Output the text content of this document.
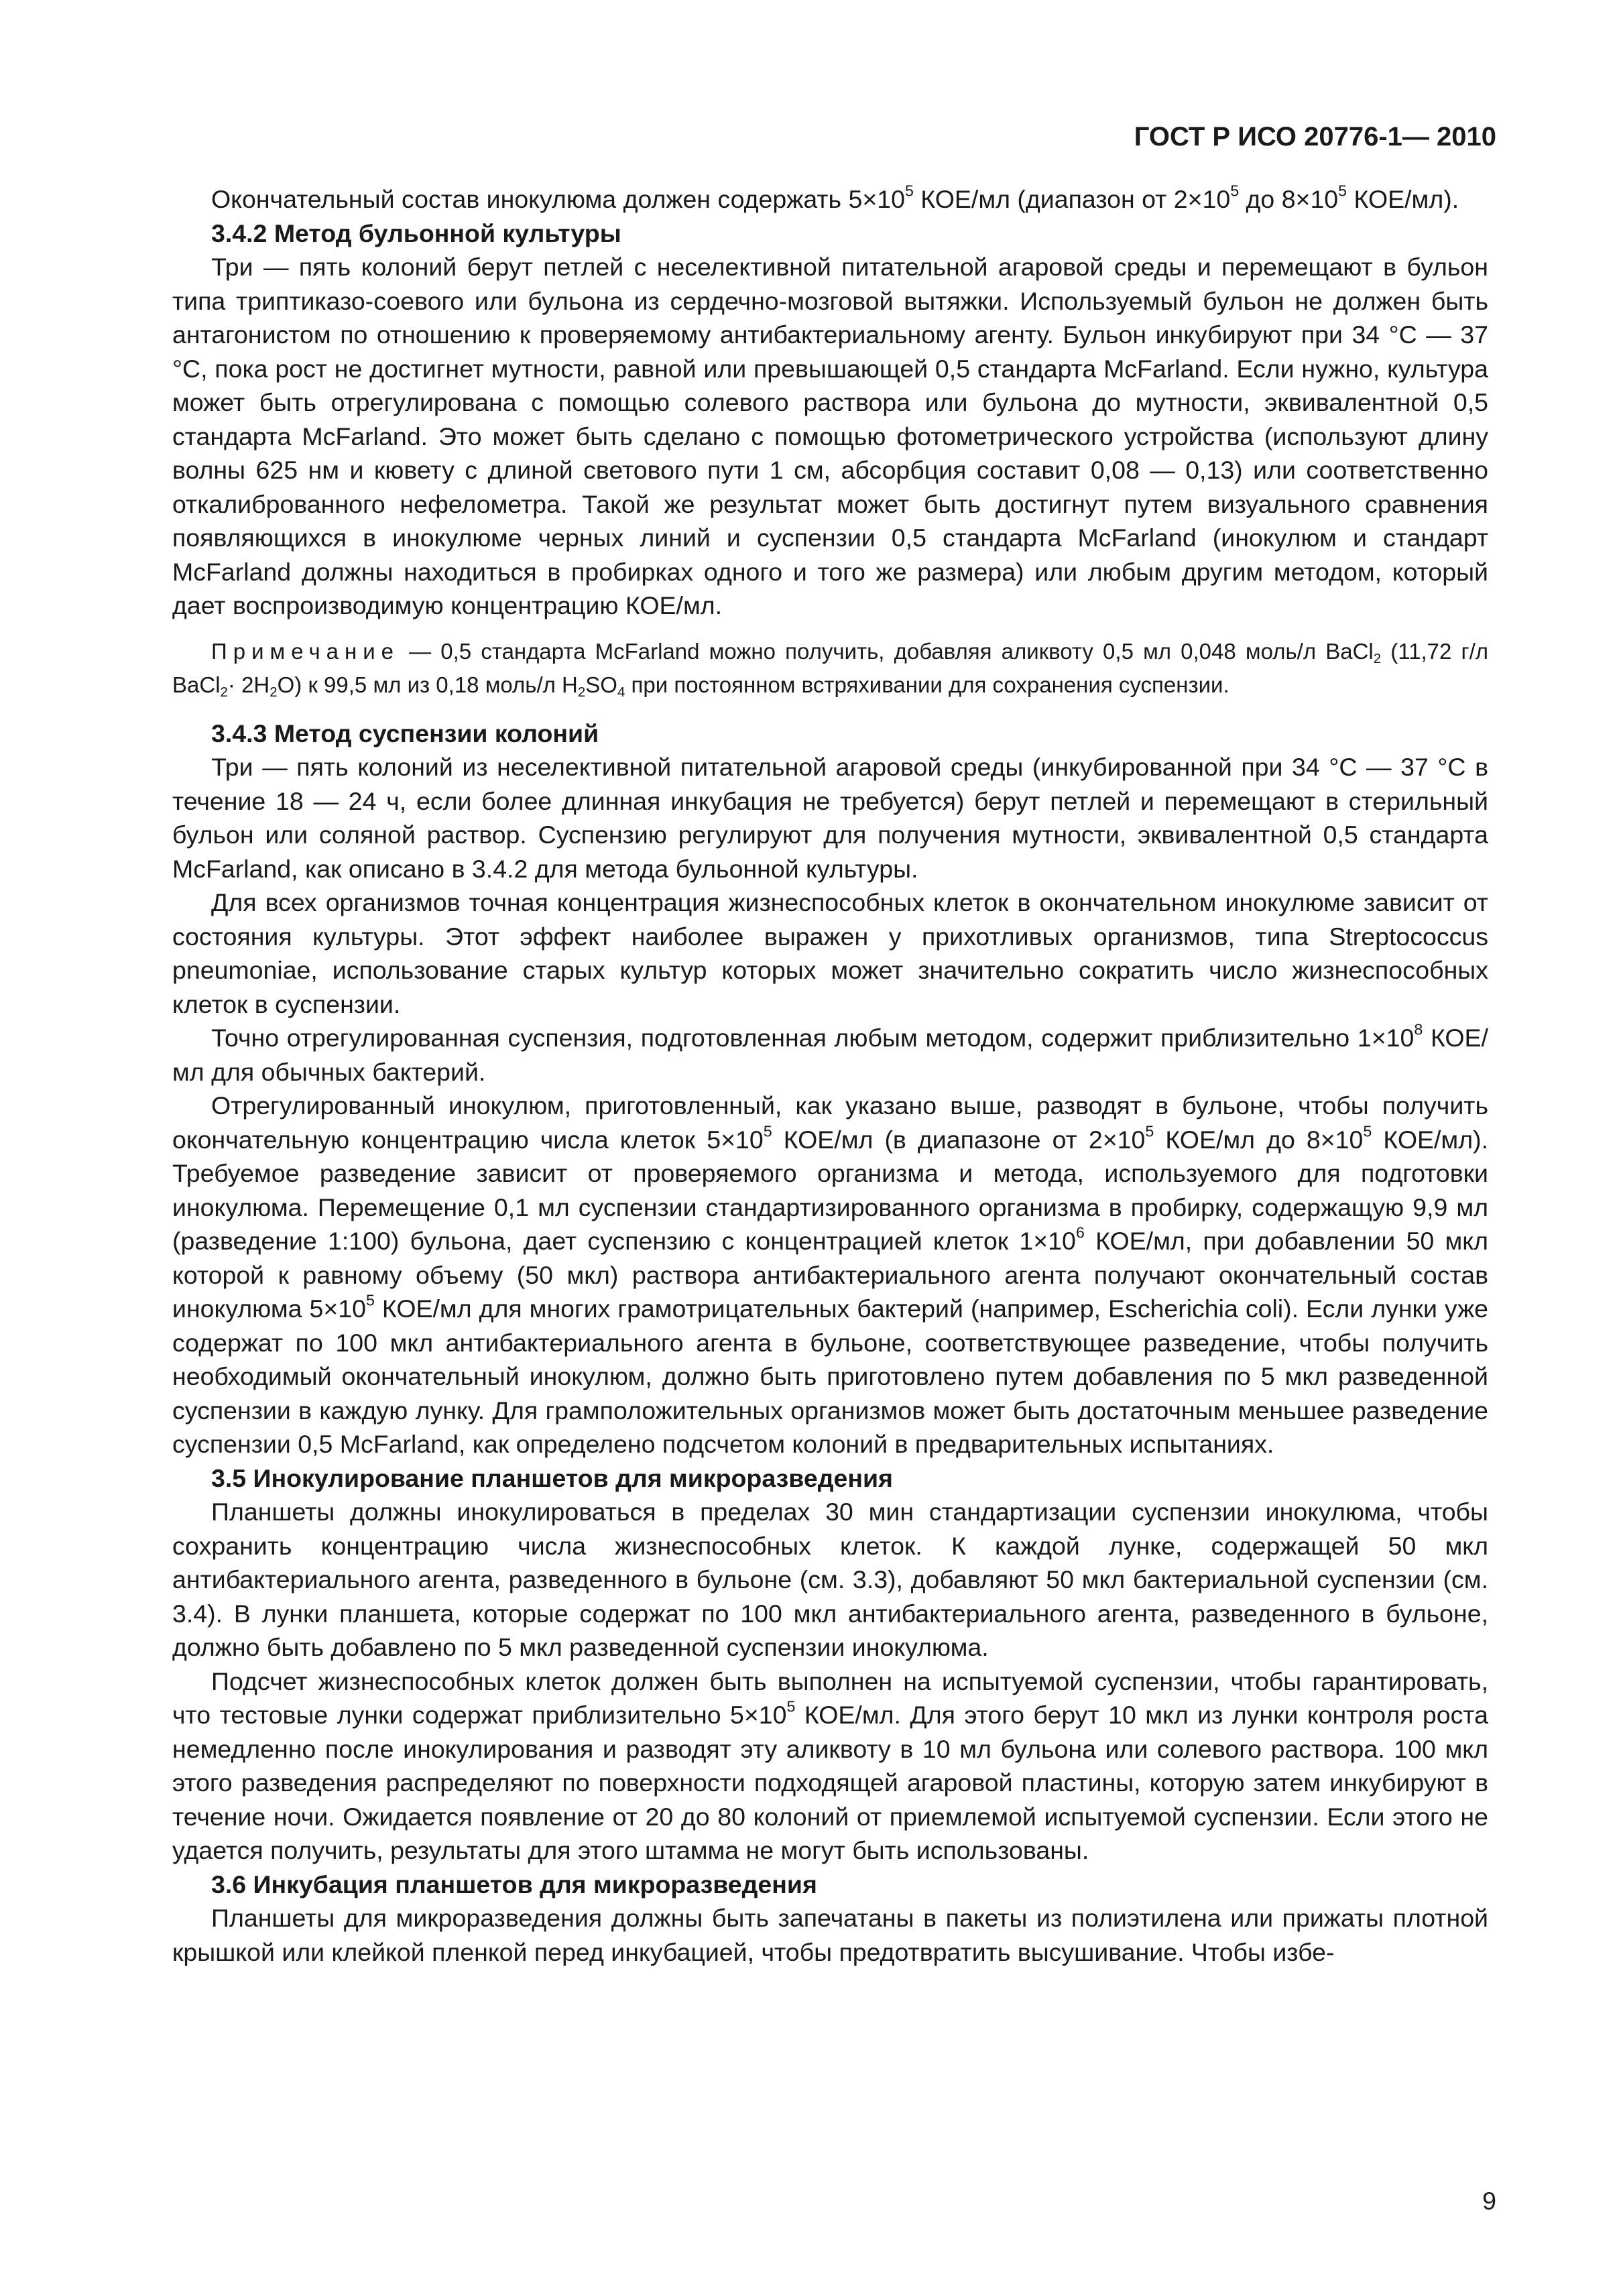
ГОСТ Р ИСО 20776-1— 2010

Окончательный состав инокулюма должен содержать $5\times 10^5$ КОЕ/мл (диапазон от $2\times 10^5$ до $8\times 10^5$ КОЕ/мл).

3.4.2 Метод бульонной культуры

Три — пять колоний берут петлей с неселективной питательной агаровой среды и перемещают в бульон типа триптиказо-соевого или бульона из сердечно-мозговой вытяжки. Используемый бульон не должен быть антагонистом по отношению к проверяемому антибактериальному агенту. Бульон инкубируют при 34 °С — 37 °С, пока рост не достигнет мутности, равной или превышающей 0,5 стандарта McFarland. Если нужно, культура может быть отрегулирована с помощью солевого раствора или бульона до мутности, эквивалентной 0,5 стандарта McFarland. Это может быть сделано с помощью фотометрического устройства (используют длину волны 625 нм и кювету с длиной светового пути 1 см, абсорбция составит 0,08 — 0,13) или соответственно откалиброванного нефелометра. Такой же результат может быть достигнут путем визуального сравнения появляющихся в инокулюме черных линий и суспензии 0,5 стандарта McFarland (инокулюм и стандарт McFarland должны находиться в пробирках одного и того же размера) или любым другим методом, который дает воспроизводимую концентрацию КОЕ/мл.

Примечание — 0,5 стандарта McFarland можно получить, добавляя аликвоту 0,5 мл 0,048 моль/л BaCl$_2$ (11,72 г/л BaCl$_2$· $2H_2O$) к 99,5 мл из 0,18 моль/л $H_2SO_4$ при постоянном встряхивании для сохранения суспензии.

3.4.3 Метод суспензии колоний

Три — пять колоний из неселективной питательной агаровой среды (инкубированной при 34 °С — 37 °С в течение 18 — 24 ч, если более длинная инкубация не требуется) берут петлей и перемещают в стерильный бульон или соляной раствор. Суспензию регулируют для получения мутности, эквивалентной 0,5 стандарта McFarland, как описано в 3.4.2 для метода бульонной культуры.

Для всех организмов точная концентрация жизнеспособных клеток в окончательном инокулюме зависит от состояния культуры. Этот эффект наиболее выражен у прихотливых организмов, типа Streptococcus pneumoniae, использование старых культур которых может значительно сократить число жизнеспособных клеток в суспензии.

Точно отрегулированная суспензия, подготовленная любым методом, содержит приблизительно $1\times 10^8$ КОЕ/мл для обычных бактерий.

Отрегулированный инокулюм, приготовленный, как указано выше, разводят в бульоне, чтобы получить окончательную концентрацию числа клеток $5\times 10^5$ КОЕ/мл (в диапазоне от $2\times 10^5$ КОЕ/мл до $8\times 10^5$ КОЕ/мл). Требуемое разведение зависит от проверяемого организма и метода, используемого для подготовки инокулюма. Перемещение 0,1 мл суспензии стандартизированного организма в пробирку, содержащую 9,9 мл (разведение 1:100) бульона, дает суспензию с концентрацией клеток $1\times 10^6$ КОЕ/мл, при добавлении 50 мкл которой к равному объему (50 мкл) раствора антибактериального агента получают окончательный состав инокулюма $5\times 10^5$ КОЕ/мл для многих грамотрицательных бактерий (например, Escherichia coli). Если лунки уже содержат по 100 мкл антибактериального агента в бульоне, соответствующее разведение, чтобы получить необходимый окончательный инокулюм, должно быть приготовлено путем добавления по 5 мкл разведенной суспензии в каждую лунку. Для грамположительных организмов может быть достаточным меньшее разведение суспензии 0,5 McFarland, как определено подсчетом колоний в предварительных испытаниях.

3.5 Инокулирование планшетов для микроразведения

Планшеты должны инокулироваться в пределах 30 мин стандартизации суспензии инокулюма, чтобы сохранить концентрацию числа жизнеспособных клеток. К каждой лунке, содержащей 50 мкл антибактериального агента, разведенного в бульоне (см. 3.3), добавляют 50 мкл бактериальной суспензии (см. 3.4). В лунки планшета, которые содержат по 100 мкл антибактериального агента, разведенного в бульоне, должно быть добавлено по 5 мкл разведенной суспензии инокулюма.

Подсчет жизнеспособных клеток должен быть выполнен на испытуемой суспензии, чтобы гарантировать, что тестовые лунки содержат приблизительно $5\times 10^5$ КОЕ/мл. Для этого берут 10 мкл из лунки контроля роста немедленно после инокулирования и разводят эту аликвоту в 10 мл бульона или солевого раствора. 100 мкл этого разведения распределяют по поверхности подходящей агаровой пластины, которую затем инкубируют в течение ночи. Ожидается появление от 20 до 80 колоний от приемлемой испытуемой суспензии. Если этого не удается получить, результаты для этого штамма не могут быть использованы.

3.6 Инкубация планшетов для микроразведения

Планшеты для микроразведения должны быть запечатаны в пакеты из полиэтилена или прижаты плотной крышкой или клейкой пленкой перед инкубацией, чтобы предотвратить высушивание. Чтобы избе-

9
